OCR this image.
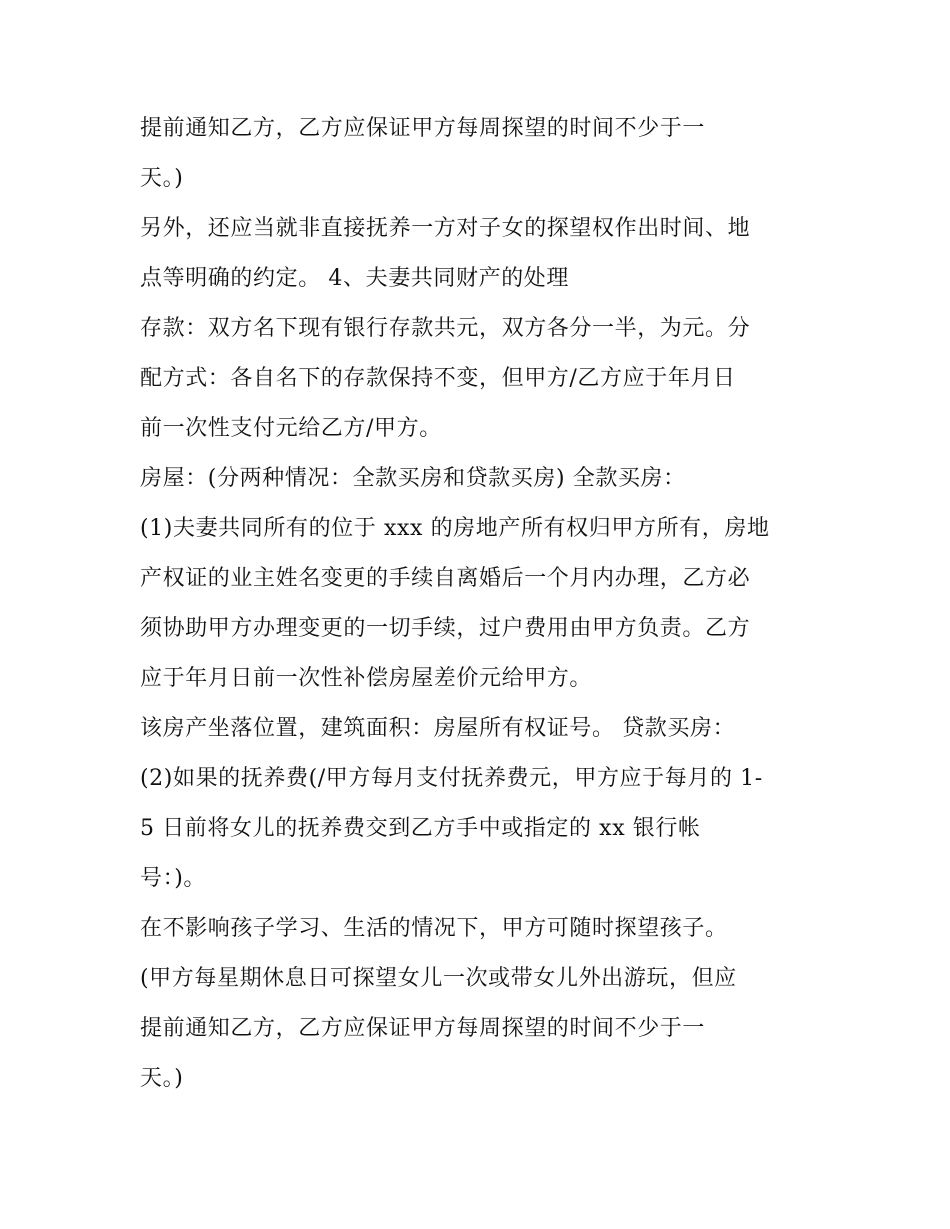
提前通知乙方，乙方应保证甲方每周探望的时间不少于一
天。)
另外，还应当就非直接抚养一方对子女的探望权作出时间、地
点等明确的约定。 4、夫妻共同财产的处理
存款：双方名下现有银行存款共元，双方各分一半，为元。分
配方式：各自名下的存款保持不变，但甲方/乙方应于年月日
前一次性支付元给乙方/甲方。
房屋：(分两种情况：全款买房和贷款买房) 全款买房：
(1)夫妻共同所有的位于 xxx 的房地产所有权归甲方所有，房地
产权证的业主姓名变更的手续自离婚后一个月内办理，乙方必
须协助甲方办理变更的一切手续，过户费用由甲方负责。乙方
应于年月日前一次性补偿房屋差价元给甲方。
该房产坐落位置，建筑面积：房屋所有权证号。 贷款买房：
(2)如果的抚养费(/甲方每月支付抚养费元，甲方应于每月的 1-
5 日前将女儿的抚养费交到乙方手中或指定的 xx 银行帐
号：)。
在不影响孩子学习、生活的情况下，甲方可随时探望孩子。
(甲方每星期休息日可探望女儿一次或带女儿外出游玩，但应
提前通知乙方，乙方应保证甲方每周探望的时间不少于一
天。)
